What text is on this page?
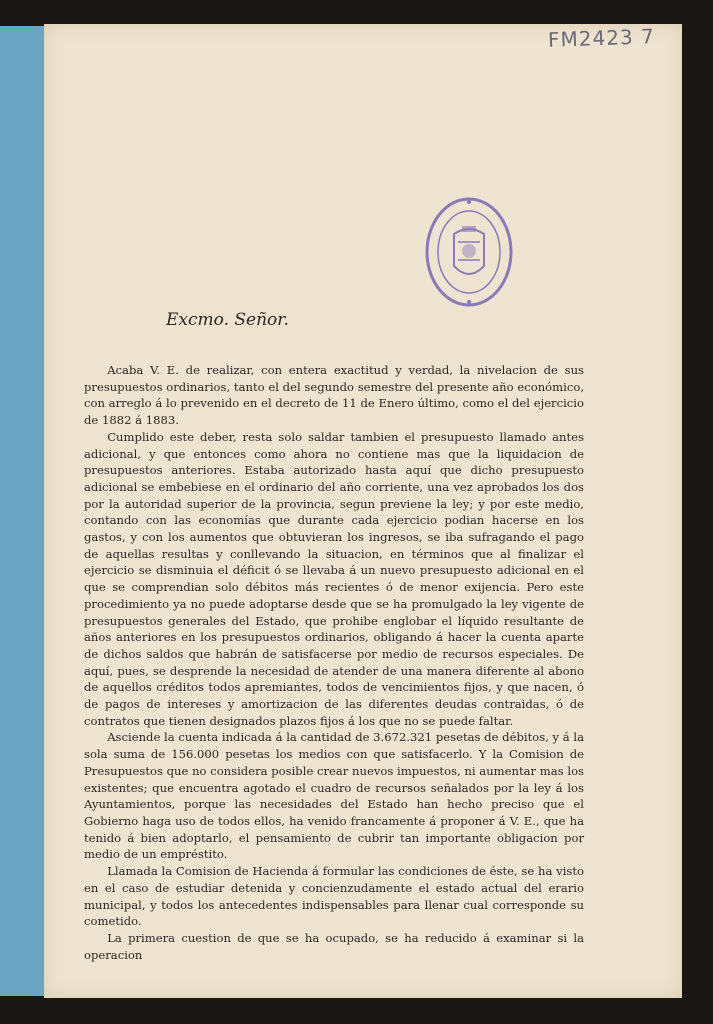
FM2423 7
Excmo. Señor.

Acaba V. E. de realizar, con entera exactitud y verdad, la nivelacion de sus presupuestos ordinarios, tanto el del segundo semestre del presente año económico, con arreglo á lo prevenido en el decreto de 11 de Enero último, como el del ejercicio de 1882 á 1883.

Cumplido este deber, resta solo saldar tambien el presupuesto llamado antes adicional, y que entonces como ahora no contiene mas que la liquidacion de presupuestos anteriores. Estaba autorizado hasta aquí que dicho presupuesto adicional se embebiese en el ordinario del año corriente, una vez aprobados los dos por la autoridad superior de la provincia, segun previene la ley; y por este medio, contando con las economías que durante cada ejercicio podian hacerse en los gastos, y con los aumentos que obtuvieran los ingresos, se iba sufragando el pago de aquellas resultas y conllevando la situacion, en términos que al finalizar el ejercicio se disminuia el déficit ó se llevaba á un nuevo presupuesto adicional en el que se comprendian solo débitos más recientes ó de menor exijencia. Pero este procedimiento ya no puede adoptarse desde que se ha promulgado la ley vigente de presupuestos generales del Estado, que prohibe englobar el líquido resultante de años anteriores en los presupuestos ordinarios, obligando á hacer la cuenta aparte de dichos saldos que habrán de satisfacerse por medio de recursos especiales. De aquí, pues, se desprende la necesidad de atender de una manera diferente al abono de aquellos créditos todos apremiantes, todos de vencimientos fijos, y que nacen, ó de pagos de intereses y amortizacion de las diferentes deudas contraidas, ó de contratos que tienen designados plazos fijos á los que no se puede faltar.

Asciende la cuenta indicada á la cantidad de 3.672.321 pesetas de débitos, y á la sola suma de 156.000 pesetas los medios con que satisfacerlo. Y la Comision de Presupuestos que no considera posible crear nuevos impuestos, ni aumentar mas los existentes; que encuentra agotado el cuadro de recursos señalados por la ley á los Ayuntamientos, porque las necesidades del Estado han hecho preciso que el Gobierno haga uso de todos ellos, ha venido francamente á proponer á V. E., que ha tenido á bien adoptarlo, el pensamiento de cubrir tan importante obligacion por medio de un empréstito.

Llamada la Comision de Hacienda á formular las condiciones de éste, se ha visto en el caso de estudiar detenida y concienzudamente el estado actual del erario municipal, y todos los antecedentes indispensables para llenar cual corresponde su cometido.

La primera cuestion de que se ha ocupado, se ha reducido á examinar si la operacion
